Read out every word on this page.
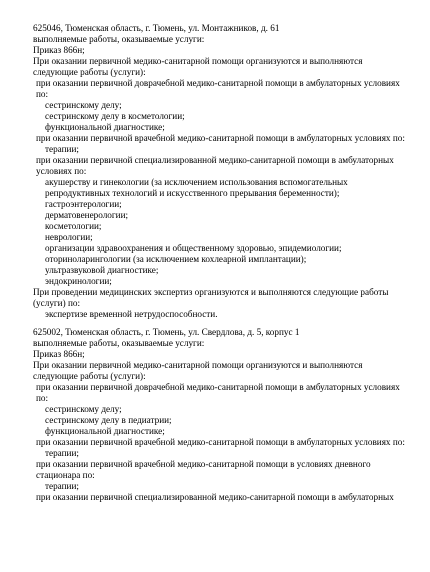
625046, Тюменская область, г. Тюмень, ул. Монтажников, д. 61
выполняемые работы, оказываемые услуги:
Приказ 866н;
При оказании первичной медико-санитарной помощи организуются и выполняются следующие работы (услуги):
при оказании первичной доврачебной медико-санитарной помощи в амбулаторных условиях по:
сестринскому делу;
сестринскому делу в косметологии;
функциональной диагностике;
при оказании первичной врачебной медико-санитарной помощи в амбулаторных условиях по:
терапии;
при оказании первичной специализированной медико-санитарной помощи в амбулаторных условиях по:
акушерству и гинекологии (за исключением использования вспомогательных репродуктивных технологий и искусственного прерывания беременности);
гастроэнтерологии;
дерматовенерологии;
косметологии;
неврологии;
организации здравоохранения и общественному здоровью, эпидемиологии;
оториноларингологии (за исключением кохлеарной имплантации);
ультразвуковой диагностике;
эндокринологии;
При проведении медицинских экспертиз организуются и выполняются следующие работы (услуги) по:
экспертизе временной нетрудоспособности.
625002, Тюменская область, г. Тюмень, ул. Свердлова, д. 5, корпус 1
выполняемые работы, оказываемые услуги:
Приказ 866н;
При оказании первичной медико-санитарной помощи организуются и выполняются следующие работы (услуги):
при оказании первичной доврачебной медико-санитарной помощи в амбулаторных условиях по:
сестринскому делу;
сестринскому делу в педиатрии;
функциональной диагностике;
при оказании первичной врачебной медико-санитарной помощи в амбулаторных условиях по:
терапии;
при оказании первичной врачебной медико-санитарной помощи в условиях дневного стационара по:
терапии;
при оказании первичной специализированной медико-санитарной помощи в амбулаторных
